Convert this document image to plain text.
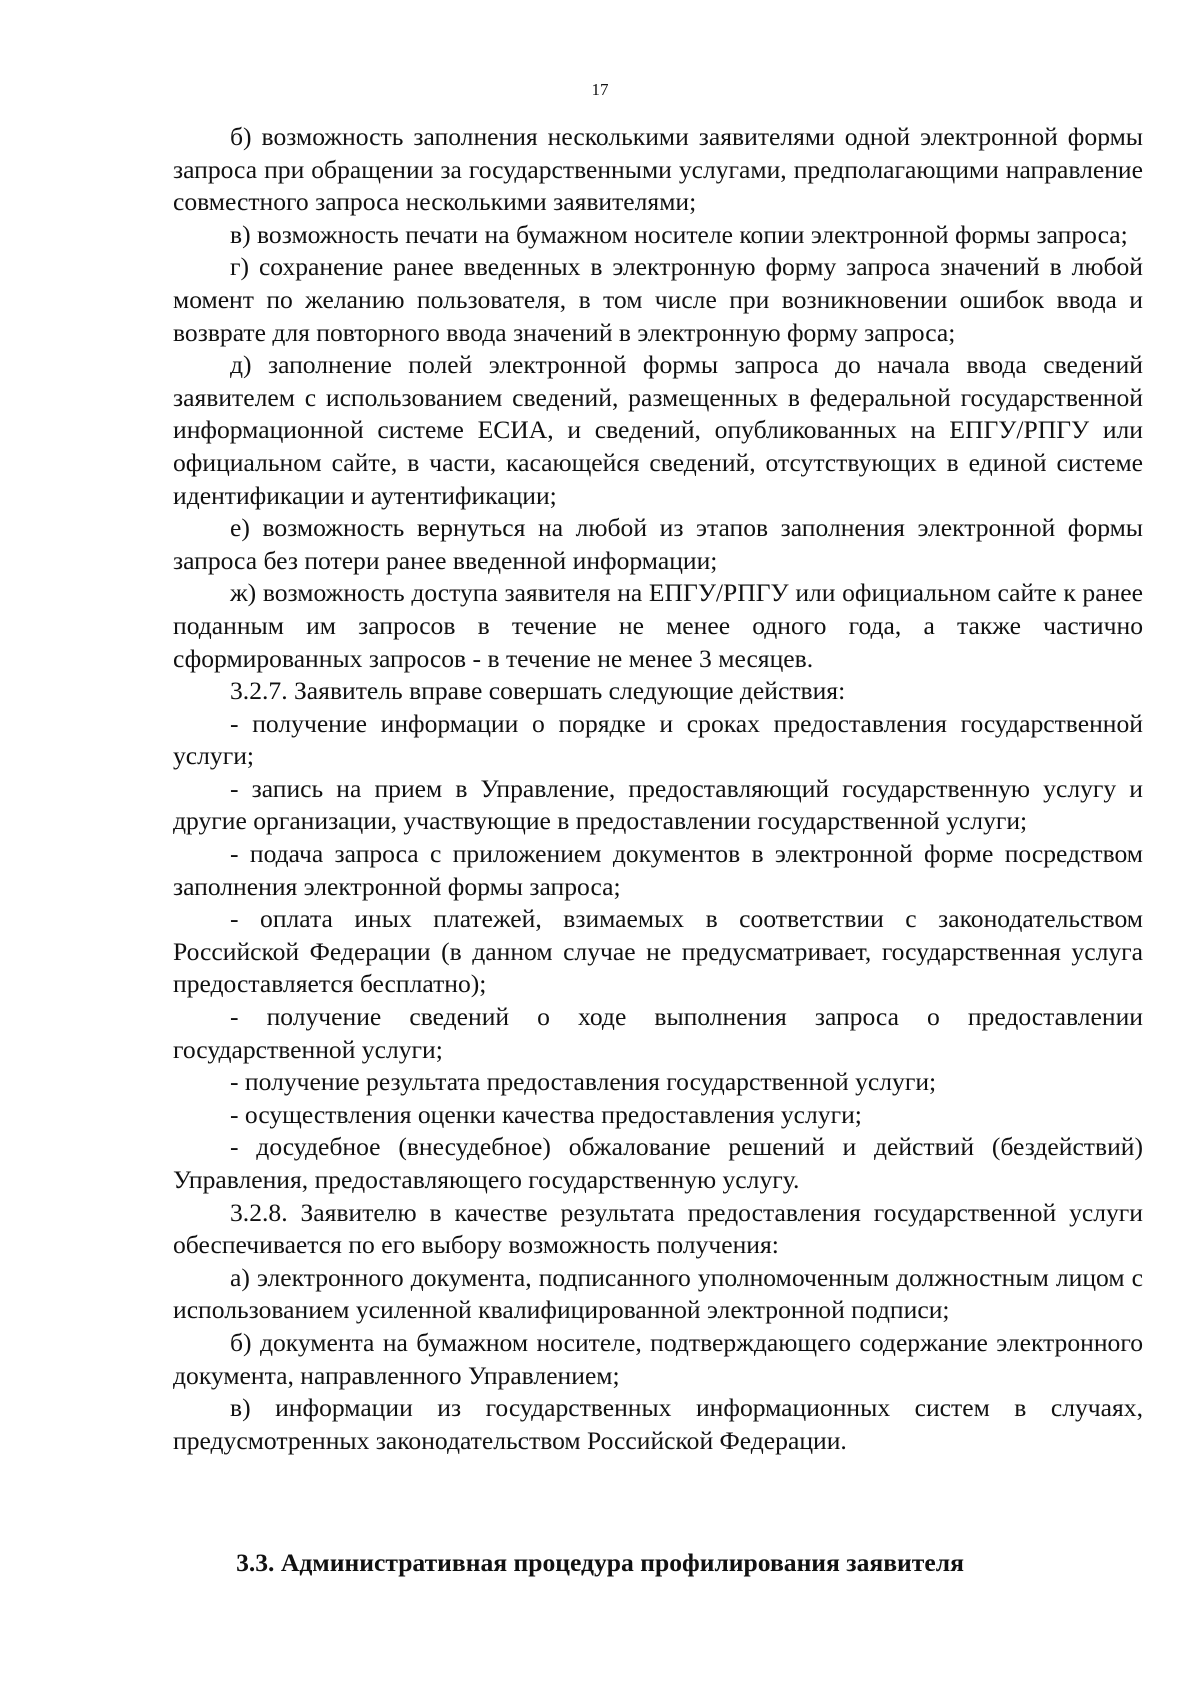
17

б) возможность заполнения несколькими заявителями одной электронной формы запроса при обращении за государственными услугами, предполагающими направление совместного запроса несколькими заявителями;

в) возможность печати на бумажном носителе копии электронной формы запроса;

г) сохранение ранее введенных в электронную форму запроса значений в любой момент по желанию пользователя, в том числе при возникновении ошибок ввода и возврате для повторного ввода значений в электронную форму запроса;

д) заполнение полей электронной формы запроса до начала ввода сведений заявителем с использованием сведений, размещенных в федеральной государственной информационной системе ЕСИА, и сведений, опубликованных на ЕПГУ/РПГУ или официальном сайте, в части, касающейся сведений, отсутствующих в единой системе идентификации и аутентификации;

е) возможность вернуться на любой из этапов заполнения электронной формы запроса без потери ранее введенной информации;

ж) возможность доступа заявителя на ЕПГУ/РПГУ или официальном сайте к ранее поданным им запросов в течение не менее одного года, а также частично сформированных запросов - в течение не менее 3 месяцев.

3.2.7. Заявитель вправе совершать следующие действия:

- получение информации о порядке и сроках предоставления государственной услуги;

- запись на прием в Управление, предоставляющий государственную услугу и другие организации, участвующие в предоставлении государственной услуги;

- подача запроса с приложением документов в электронной форме посредством заполнения электронной формы запроса;

- оплата иных платежей, взимаемых в соответствии с законодательством Российской Федерации (в данном случае не предусматривает, государственная услуга предоставляется бесплатно);

- получение сведений о ходе выполнения запроса о предоставлении государственной услуги;

- получение результата предоставления государственной услуги;

- осуществления оценки качества предоставления услуги;

- досудебное (внесудебное) обжалование решений и действий (бездействий) Управления, предоставляющего государственную услугу.

3.2.8. Заявителю в качестве результата предоставления государственной услуги обеспечивается по его выбору возможность получения:

а) электронного документа, подписанного уполномоченным должностным лицом с использованием усиленной квалифицированной электронной подписи;

б) документа на бумажном носителе, подтверждающего содержание электронного документа, направленного Управлением;

в) информации из государственных информационных систем в случаях, предусмотренных законодательством Российской Федерации.

3.3. Административная процедура профилирования заявителя
